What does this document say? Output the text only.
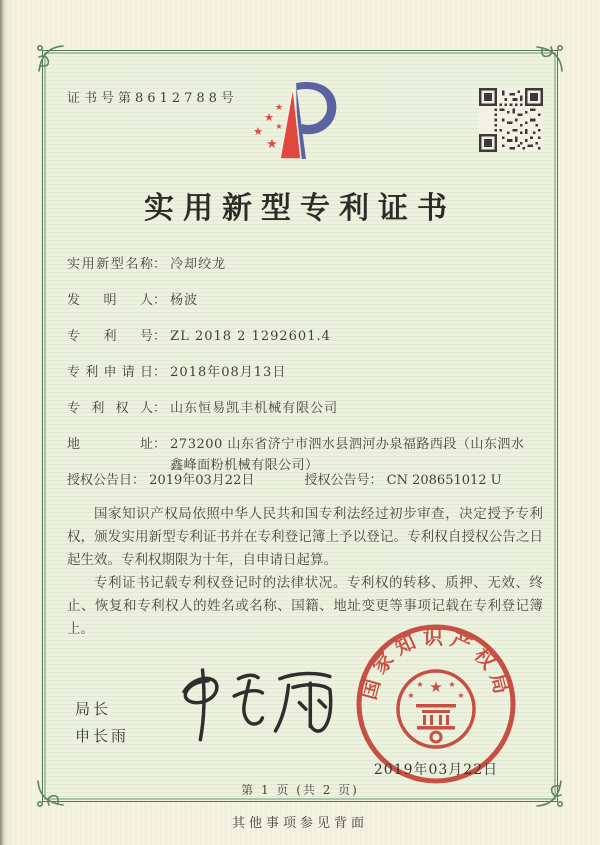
证书号第8612788号
★
★
★
★
★
实用新型专利证书
实用新型名称： 冷却绞龙
发明人： 杨波
专利号： ZL 2018 2 1292601.4
专利申请日： 2018年08月13日
专利权人： 山东恒易凯丰机械有限公司
地址： 273200 山东省济宁市泗水县泗河办泉福路西段（山东泗水鑫峰面粉机械有限公司）
授权公告日： 2019年03月22日	授权公告号： CN 208651012 U

国家知识产权局依照中华人民共和国专利法经过初步审查，决定授予专利权，颁发实用新型专利证书并在专利登记簿上予以登记。专利权自授权公告之日起生效。专利权期限为十年，自申请日起算。

专利证书记载专利权登记时的法律状况。专利权的转移、质押、无效、终止、恢复和专利权人的姓名或名称、国籍、地址变更等事项记载在专利登记簿上。

局长
申长雨
国家知识产权局
★
★	★
★	★
2019年03月22日
第 1 页 (共 2 页)
其他事项参见背面
